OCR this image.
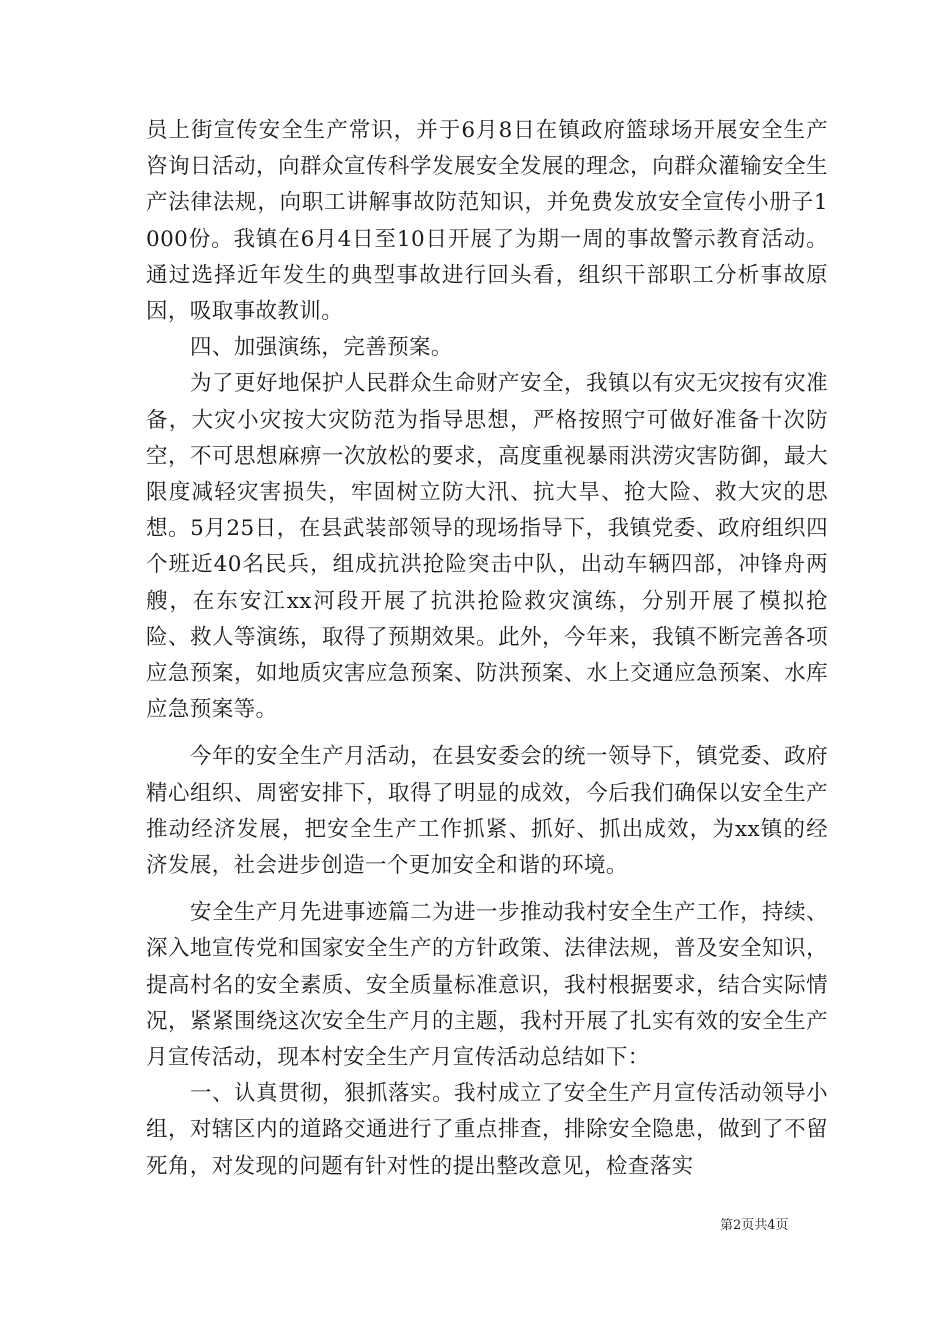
员上街宣传安全生产常识，并于6月8日在镇政府篮球场开展安全生产咨询日活动，向群众宣传科学发展安全发展的理念，向群众灌输安全生产法律法规，向职工讲解事故防范知识，并免费发放安全宣传小册子1000份。我镇在6月4日至10日开展了为期一周的事故警示教育活动。通过选择近年发生的典型事故进行回头看，组织干部职工分析事故原因，吸取事故教训。

四、加强演练，完善预案。

为了更好地保护人民群众生命财产安全，我镇以有灾无灾按有灾准备，大灾小灾按大灾防范为指导思想，严格按照宁可做好准备十次防空，不可思想麻痹一次放松的要求，高度重视暴雨洪涝灾害防御，最大限度减轻灾害损失，牢固树立防大汛、抗大旱、抢大险、救大灾的思想。5月25日，在县武装部领导的现场指导下，我镇党委、政府组织四个班近40名民兵，组成抗洪抢险突击中队，出动车辆四部，冲锋舟两艘，在东安江xx河段开展了抗洪抢险救灾演练，分别开展了模拟抢险、救人等演练，取得了预期效果。此外，今年来，我镇不断完善各项应急预案，如地质灾害应急预案、防洪预案、水上交通应急预案、水库应急预案等。

今年的安全生产月活动，在县安委会的统一领导下，镇党委、政府精心组织、周密安排下，取得了明显的成效，今后我们确保以安全生产推动经济发展，把安全生产工作抓紧、抓好、抓出成效，为xx镇的经济发展，社会进步创造一个更加安全和谐的环境。

安全生产月先进事迹篇二为进一步推动我村安全生产工作，持续、深入地宣传党和国家安全生产的方针政策、法律法规，普及安全知识，提高村名的安全素质、安全质量标准意识，我村根据要求，结合实际情况，紧紧围绕这次安全生产月的主题，我村开展了扎实有效的安全生产月宣传活动，现本村安全生产月宣传活动总结如下：

一、认真贯彻，狠抓落实。我村成立了安全生产月宣传活动领导小组，对辖区内的道路交通进行了重点排查，排除安全隐患，做到了不留死角，对发现的问题有针对性的提出整改意见，检查落实

第2页共4页
